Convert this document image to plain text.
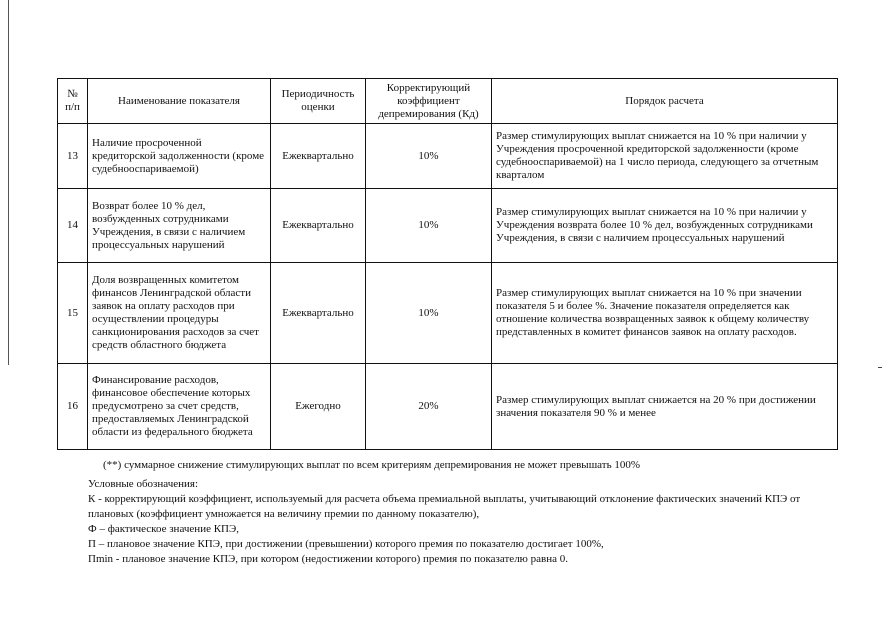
№ п/п	Наименование показателя	Периодичность оценки	Корректирующий коэффициент депремирования (Кд)	Порядок расчета
13	Наличие просроченной кредиторской задолженности (кроме судебнооспариваемой)	Ежеквартально	10%	Размер стимулирующих выплат снижается на 10 % при наличии у Учреждения просроченной кредиторской задолженности (кроме судебнооспариваемой) на 1 число периода, следующего за отчетным кварталом
14	Возврат более 10 % дел, возбужденных сотрудниками Учреждения, в связи с наличием процессуальных нарушений	Ежеквартально	10%	Размер стимулирующих выплат снижается на 10 % при наличии у Учреждения возврата более 10 % дел, возбужденных сотрудниками Учреждения, в связи с наличием процессуальных нарушений
15	Доля возвращенных комитетом финансов Ленинградской области заявок на оплату расходов при осуществлении процедуры санкционирования расходов за счет средств областного бюджета	Ежеквартально	10%	Размер стимулирующих выплат снижается на 10 % при значении показателя 5 и более %. Значение показателя определяется как отношение количества возвращенных заявок к общему количеству представленных в комитет финансов заявок на оплату расходов.
16	Финансирование расходов, финансовое обеспечение которых предусмотрено за счет средств, предоставляемых Ленинградской области из федерального бюджета	Ежегодно	20%	Размер стимулирующих выплат снижается на 20 % при достижении значения показателя 90 % и менее
(**) суммарное снижение стимулирующих выплат по всем критериям депремирования не может превышать 100%
Условные обозначения:
К - корректирующий коэффициент, используемый для расчета объема премиальной выплаты, учитывающий отклонение фактических значений КПЭ от плановых (коэффициент умножается на величину премии по данному показателю),
Ф – фактическое значение КПЭ,
П – плановое значение КПЭ, при достижении (превышении) которого премия по показателю достигает 100%,
Пmin - плановое значение КПЭ, при котором (недостижении которого) премия по показателю равна 0.
